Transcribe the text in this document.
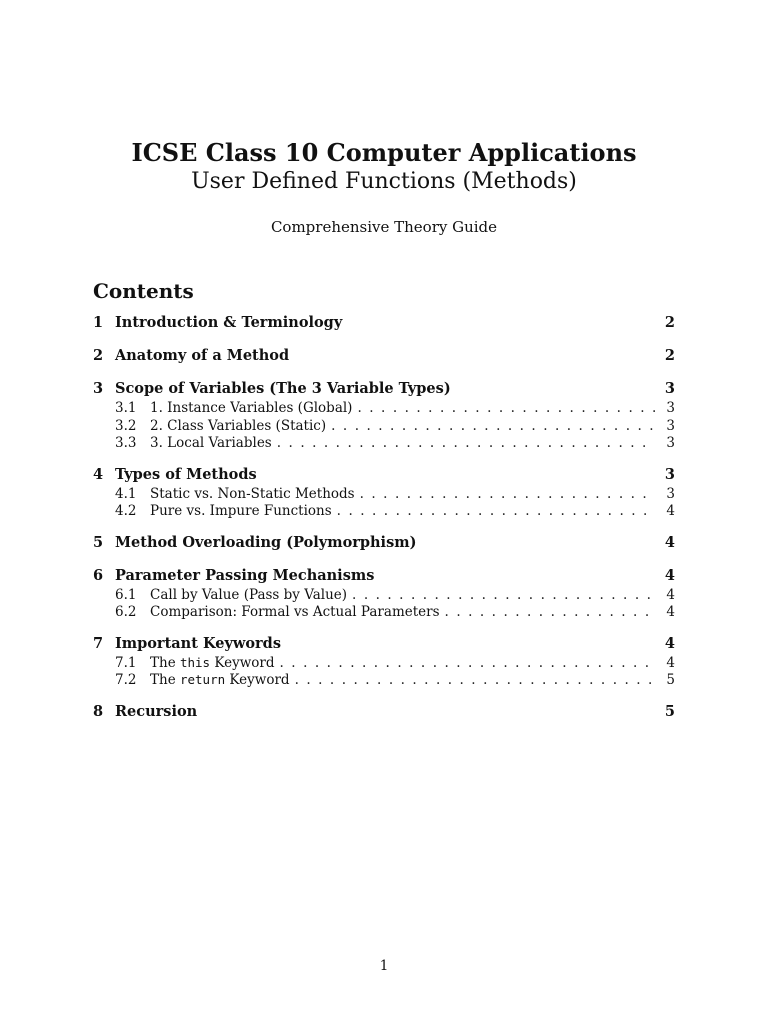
ICSE Class 10 Computer Applications
User Defined Functions (Methods)
Comprehensive Theory Guide
Contents
1 Introduction & Terminology	2
2 Anatomy of a Method	2
3 Scope of Variables (The 3 Variable Types)	3
3.1	1. Instance Variables (Global) . . .	3
3.2	2. Class Variables (Static) . . .	3
3.3	3. Local Variables . . .	3
4 Types of Methods	3
4.1	Static vs. Non-Static Methods . . .	3
4.2	Pure vs. Impure Functions . . .	4
5 Method Overloading (Polymorphism)	4
6 Parameter Passing Mechanisms	4
6.1	Call by Value (Pass by Value) . . .	4
6.2	Comparison: Formal vs Actual Parameters . . .	4
7 Important Keywords	4
7.1	The this Keyword . . .	4
7.2	The return Keyword . . .	5
8 Recursion	5
1
